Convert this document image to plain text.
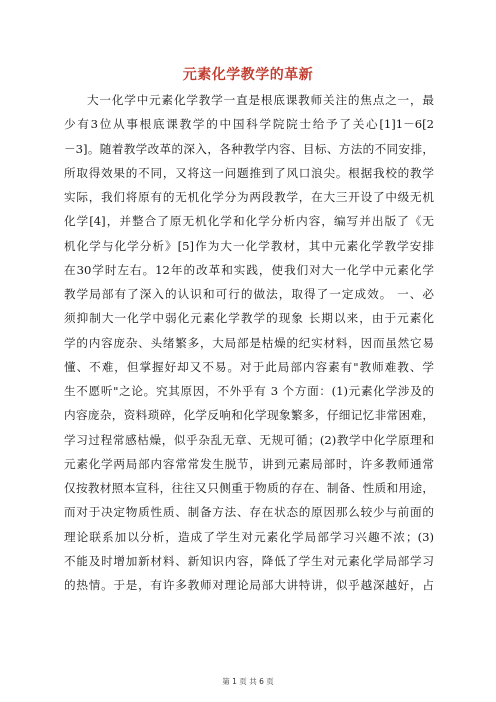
元素化学教学的革新
大一化学中元素化学教学一直是根底课教师关注的焦点之一，最
少有3位从事根底课教学的中国科学院院士给予了关心[1]1－6[2
－3]。随着教学改革的深入，各种教学内容、目标、方法的不同安排，
所取得效果的不同，又将这一问题推到了风口浪尖。根据我校的教学
实际，我们将原有的无机化学分为两段教学，在大三开设了中级无机
化学[4]，并整合了原无机化学和化学分析内容，编写并出版了《无
机化学与化学分析》[5]作为大一化学教材，其中元素化学教学安排
在30学时左右。12年的改革和实践，使我们对大一化学中元素化学
教学局部有了深入的认识和可行的做法，取得了一定成效。 一、必
须抑制大一化学中弱化元素化学教学的现象 长期以来，由于元素化
学的内容庞杂、头绪繁多，大局部是枯燥的纪实材料，因而虽然它易
懂、不难，但掌握好却又不易。对于此局部内容素有"教师难教、学
生不愿听"之论。究其原因，不外乎有 3 个方面：(1)元素化学涉及的
内容庞杂，资料琐碎，化学反响和化学现象繁多，仔细记忆非常困难，
学习过程常感枯燥，似乎杂乱无章、无规可循；(2)教学中化学原理和
元素化学两局部内容常常发生脱节，讲到元素局部时，许多教师通常
仅按教材照本宣科，往往又只侧重于物质的存在、制备、性质和用途，
而对于决定物质性质、制备方法、存在状态的原因那么较少与前面的
理论联系加以分析，造成了学生对元素化学局部学习兴趣不浓；(3)
不能及时增加新材料、新知识内容，降低了学生对元素化学局部学习
的热情。于是，有许多教师对理论局部大讲特讲，似乎越深越好，占
第 1 页 共 6 页
